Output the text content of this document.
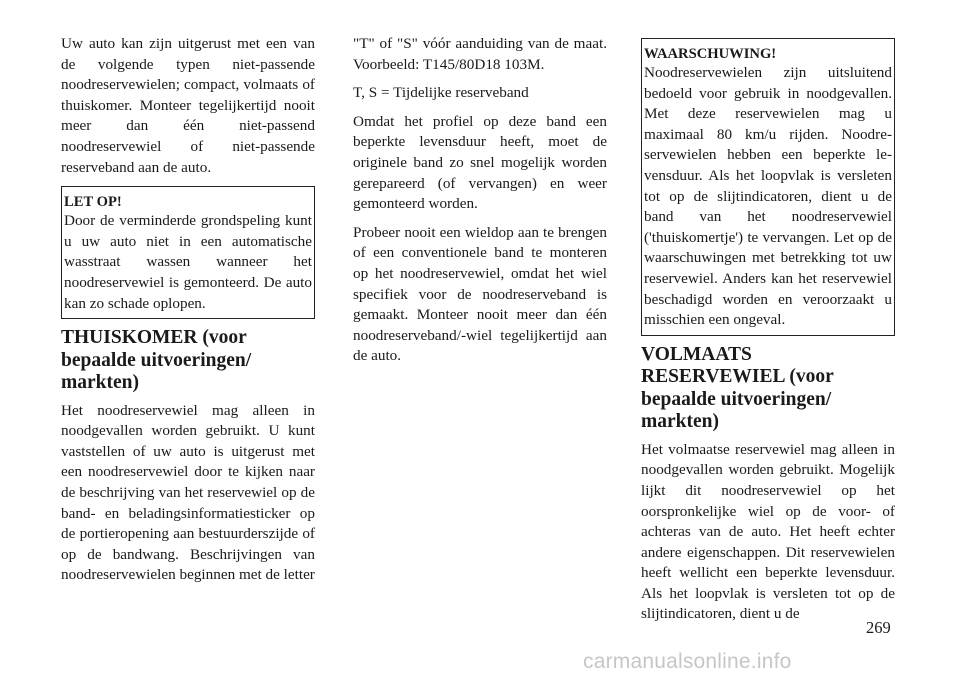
Uw auto kan zijn uitgerust met een van de volgende typen niet-passende noodreservewielen; compact, volmaats of thuiskomer. Monteer tegelijkertijd nooit meer dan één niet-passend noodreservewiel of niet-passende reserveband aan de auto.

LET OP!

Door de verminderde grondspeling kunt u uw auto niet in een automatische wasstraat wassen wanneer het noodreservewiel is gemonteerd. De auto kan zo schade oplopen.

THUISKOMER (voor bepaalde uitvoeringen/ markten)

Het noodreservewiel mag alleen in noodgevallen worden gebruikt. U kunt vaststellen of uw auto is uitgerust met een noodreservewiel door te kijken naar de beschrijving van het reservewiel op de band- en beladingsinformatiesticker op de portieropening aan bestuurderszijde of op de bandwang. Beschrijvingen van noodreservewielen beginnen met de letter

"T" of "S" vóór aanduiding van de maat. Voorbeeld: T145/80D18 103M.

T, S = Tijdelijke reserveband

Omdat het profiel op deze band een beperkte levensduur heeft, moet de originele band zo snel mogelijk worden gerepareerd (of vervangen) en weer gemonteerd worden.

Probeer nooit een wieldop aan te brengen of een conventionele band te monteren op het noodreservewiel, omdat het wiel specifiek voor de noodreserveband is gemaakt. Monteer nooit meer dan één noodreserveband/-wiel tegelijkertijd aan de auto.

WAARSCHUWING!

Noodreservewielen zijn uitsluitend bedoeld voor gebruik in noodgevallen. Met deze reservewielen mag u maximaal 80 km/u rijden. Noodreservewielen hebben een beperkte levensduur. Als het loopvlak is versleten tot op de slijtindicatoren, dient u de band van het noodreservewiel ('thuiskomertje') te vervangen. Let op de waarschuwingen met betrekking tot uw reservewiel. Anders kan het reservewiel beschadigd worden en veroorzaakt u misschien een ongeval.

VOLMAATS RESERVEWIEL (voor bepaalde uitvoeringen/ markten)

Het volmaatse reservewiel mag alleen in noodgevallen worden gebruikt. Mogelijk lijkt dit noodreservewiel op het oorspronkelijke wiel op de voor- of achteras van de auto. Het heeft echter andere eigenschappen. Dit reservewielen heeft wellicht een beperkte levensduur. Als het loopvlak is versleten tot op de slijtindicatoren, dient u de

269
carmanualsonline.info
